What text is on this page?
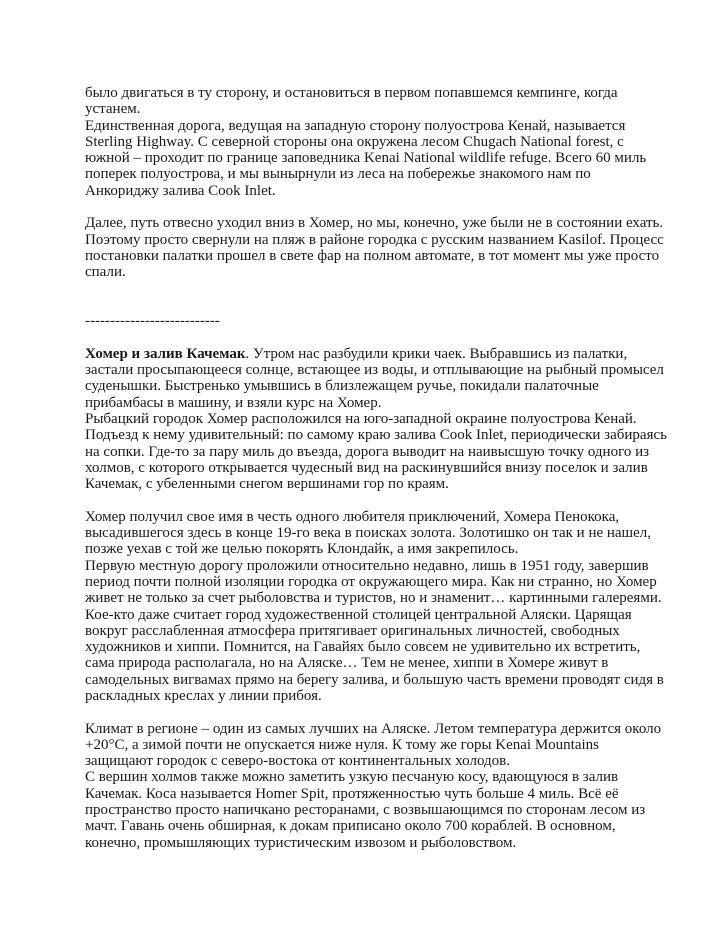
было двигаться в ту сторону, и остановиться в первом попавшемся кемпинге, когда
устанем.
Единственная дорога, ведущая на западную сторону полуострова Кенай, называется
Sterling Highway. С северной стороны она окружена лесом Chugach National forest, с
южной – проходит по границе заповедника Kenai National wildlife refuge. Всего 60 миль
поперек полуострова, и мы вынырнули из леса на побережье знакомого нам по
Анкориджу залива Cook Inlet.
Далее, путь отвесно уходил вниз в Хомер, но мы, конечно, уже были не в состоянии ехать.
Поэтому просто свернули на пляж в районе городка с русским названием Kasilof. Процесс
постановки палатки прошел в свете фар на полном автомате, в тот момент мы уже просто
спали.
---------------------------
Хомер и залив Качемак. Утром нас разбудили крики чаек. Выбравшись из палатки,
застали просыпающееся солнце, встающее из воды, и отплывающие на рыбный промысел
суденышки. Быстренько умывшись в близлежащем ручье, покидали палаточные
прибамбасы в машину, и взяли курс на Хомер.
Рыбацкий городок Хомер расположился на юго-западной окраине полуострова Кенай.
Подъезд к нему удивительный: по самому краю залива Cook Inlet, периодически забираясь
на сопки. Где-то за пару миль до въезда, дорога выводит на наивысшую точку одного из
холмов, с которого открывается чудесный вид на раскинувшийся внизу поселок и залив
Качемак, с убеленными снегом вершинами гор по краям.
Хомер получил свое имя в честь одного любителя приключений, Хомера Пенокока,
высадившегося здесь в конце 19-го века в поисках золота. Золотишко он так и не нашел,
позже уехав с той же целью покорять Клондайк, а имя закрепилось.
Первую местную дорогу проложили относительно недавно, лишь в 1951 году, завершив
период почти полной изоляции городка от окружающего мира. Как ни странно, но Хомер
живет не только за счет рыболовства и туристов, но и знаменит… картинными галереями.
Кое-кто даже считает город художественной столицей центральной Аляски. Царящая
вокруг расслабленная атмосфера притягивает оригинальных личностей, свободных
художников и хиппи. Помнится, на Гавайях было совсем не удивительно их встретить,
сама природа располагала, но на Аляске… Тем не менее, хиппи в Хомере живут в
самодельных вигвамах прямо на берегу залива, и большую часть времени проводят сидя в
раскладных креслах у линии прибоя.
Климат в регионе – один из самых лучших на Аляске. Летом температура держится около
+20°C, а зимой почти не опускается ниже нуля. К тому же горы Kenai Mountains
защищают городок с северо-востока от континентальных холодов.
С вершин холмов также можно заметить узкую песчаную косу, вдающуюся в залив
Качемак. Коса называется Homer Spit, протяженностью чуть больше 4 миль. Всё её
пространство просто напичкано ресторанами, с возвышающимся по сторонам лесом из
мачт. Гавань очень обширная, к докам приписано около 700 кораблей. В основном,
конечно, промышляющих туристическим извозом и рыболовством.
